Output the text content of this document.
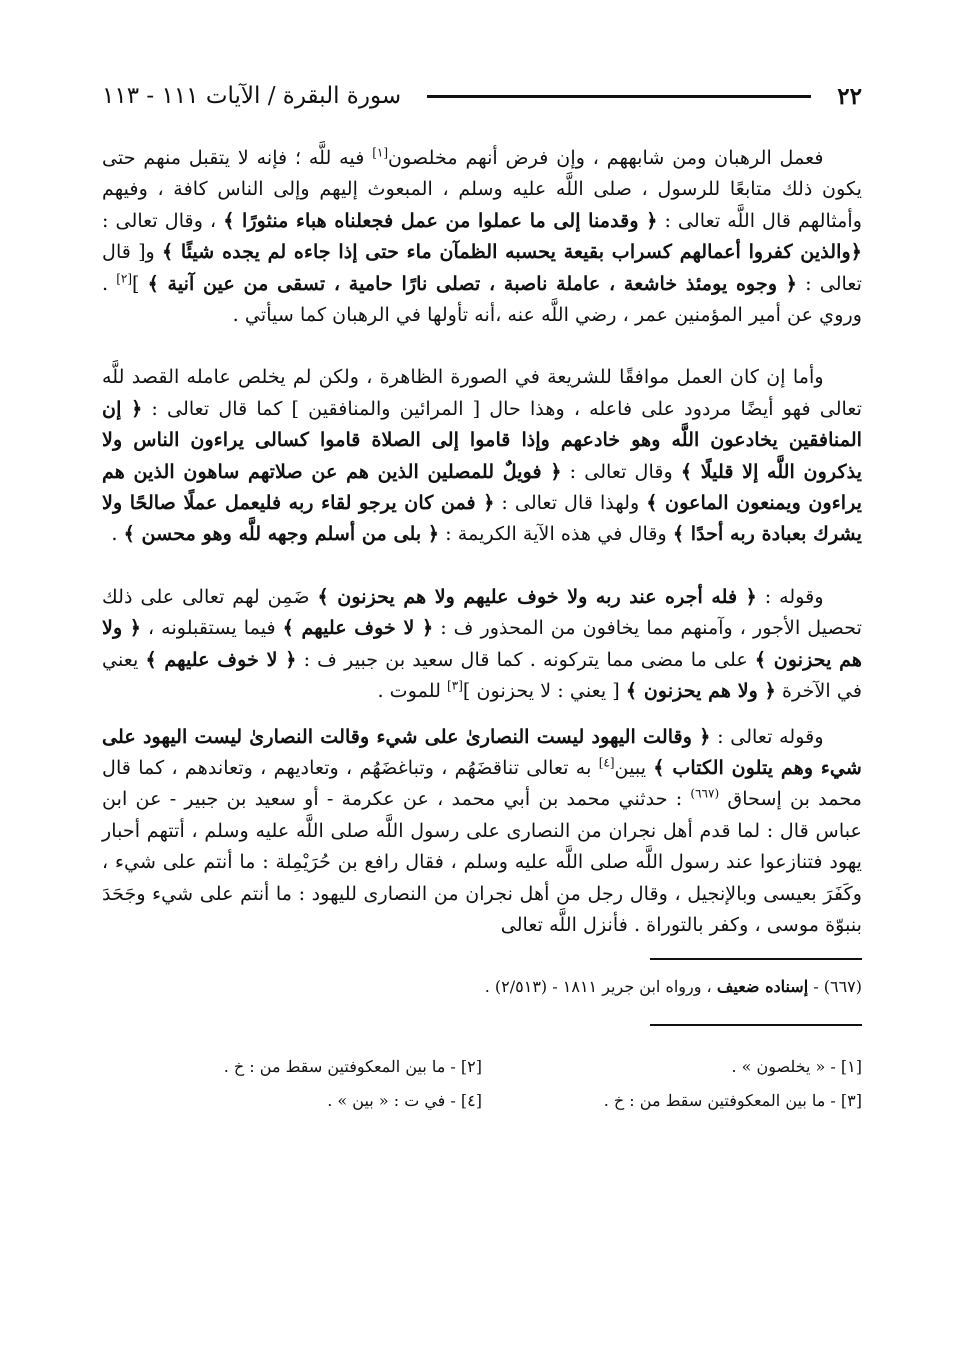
٢٢
سورة البقرة / الآيات ١١١ - ١١٣

فعمل الرهبان ومن شابههم ، وإن فرض أنهم مخلصون[١] فيه للَّه ؛ فإنه لا يتقبل منهم حتى يكون ذلك متابعًا للرسول ، صلى اللَّه عليه وسلم ، المبعوث إليهم وإلى الناس كافة ، وفيهم وأمثالهم قال اللَّه تعالى : ﴿ وقدمنا إلى ما عملوا من عمل فجعلناه هباء منثورًا ﴾ ، وقال تعالى : ﴿والذين كفروا أعمالهم كسراب بقيعة يحسبه الظمآن ماء حتى إذا جاءه لم يجده شيئًا ﴾ و[ قال تعالى : ﴿ وجوه يومئذ خاشعة ، عاملة ناصبة ، تصلى نارًا حامية ، تسقى من عين آنية ﴾ ][٢] . وروي عن أمير المؤمنين عمر ، رضي اللَّه عنه ،أنه تأولها في الرهبان كما سيأتي .

وأما إن كان العمل موافقًا للشريعة في الصورة الظاهرة ، ولكن لم يخلص عامله القصد للَّه تعالى فهو أيضًا مردود على فاعله ، وهذا حال [ المرائين والمنافقين ] كما قال تعالى : ﴿ إن المنافقين يخادعون اللَّه وهو خادعهم وإذا قاموا إلى الصلاة قاموا كسالى يراءون الناس ولا يذكرون اللَّه إلا قليلًا ﴾ وقال تعالى : ﴿ فويلٌ للمصلين الذين هم عن صلاتهم ساهون الذين هم يراءون ويمنعون الماعون ﴾ ولهذا قال تعالى : ﴿ فمن كان يرجو لقاء ربه فليعمل عملًا صالحًا ولا يشرك بعبادة ربه أحدًا ﴾ وقال في هذه الآية الكريمة : ﴿ بلى من أسلم وجهه للَّه وهو محسن ﴾ .

وقوله : ﴿ فله أجره عند ربه ولا خوف عليهم ولا هم يحزنون ﴾ ضَمِن لهم تعالى على ذلك تحصيل الأجور ، وآمنهم مما يخافون من المحذور ف : ﴿ لا خوف عليهم ﴾ فيما يستقبلونه ، ﴿ ولا هم يحزنون ﴾ على ما مضى مما يتركونه . كما قال سعيد بن جبير ف : ﴿ لا خوف عليهم ﴾ يعني في الآخرة ﴿ ولا هم يحزنون ﴾ [ يعني : لا يحزنون ][٣] للموت .

وقوله تعالى : ﴿ وقالت اليهود ليست النصارىٰ على شيء وقالت النصارىٰ ليست اليهود على شيء وهم يتلون الكتاب ﴾ يبين[٤] به تعالى تناقضَهُم ، وتباغضَهُم ، وتعاديهم ، وتعاندهم ، كما قال محمد بن إسحاق $^{(٦٦٧)}$ : حدثني محمد بن أبي محمد ، عن عكرمة - أو سعيد بن جبير - عن ابن عباس قال : لما قدم أهل نجران من النصارى على رسول اللَّه صلى اللَّه عليه وسلم ، أتتهم أحبار يهود فتنازعوا عند رسول اللَّه صلى اللَّه عليه وسلم ، فقال رافع بن حُرَيْمِلة : ما أنتم على شيء ، وكَفَرَ بعيسى وبالإنجيل ، وقال رجل من أهل نجران من النصارى لليهود : ما أنتم على شيء وجَحَدَ بنبوّة موسى ، وكفر بالتوراة . فأنزل اللَّه تعالى

(٦٦٧) - إسناده ضعيف ، ورواه ابن جرير ١٨١١ - (٢/٥١٣) .
[١] - « يخلصون » .
[٢] - ما بين المعكوفتين سقط من : خ .
[٣] - ما بين المعكوفتين سقط من : خ .
[٤] - في ت : « بين » .
